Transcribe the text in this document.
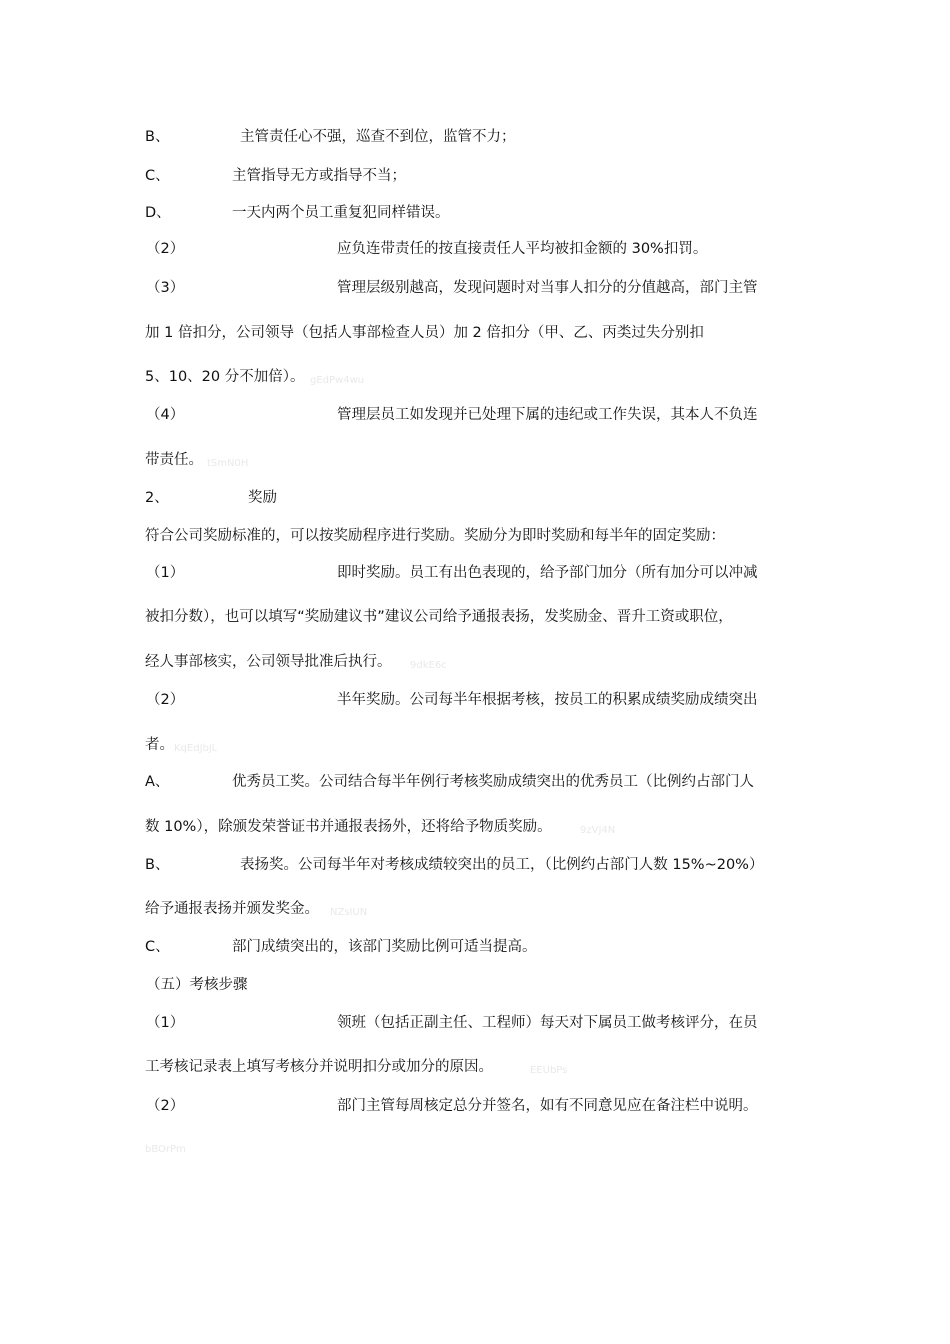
B、	主管责任心不强，巡查不到位，监管不力；
C、	主管指导无方或指导不当；
D、	一天内两个员工重复犯同样错误。
（2）	应负连带责任的按直接责任人平均被扣金额的 30%扣罚。
（3）	管理层级别越高，发现问题时对当事人扣分的分值越高，部门主管
加 1 倍扣分，公司领导（包括人事部检查人员）加 2 倍扣分（甲、乙、丙类过失分别扣
5、10、20 分不加倍）。 gEdPw4wu
（4）	管理层员工如发现并已处理下属的违纪或工作失误，其本人不负连
带责任。 tSmN0H
2、	奖励
符合公司奖励标准的，可以按奖励程序进行奖励。奖励分为即时奖励和每半年的固定奖励：
（1）	即时奖励。员工有出色表现的，给予部门加分（所有加分可以冲减
被扣分数），也可以填写“奖励建议书”建议公司给予通报表扬，发奖励金、晋升工资或职位，
经人事部核实，公司领导批准后执行。 9dkE6c
（2）	半年奖励。公司每半年根据考核，按员工的积累成绩奖励成绩突出
者。 KqEdJbjL
A、	优秀员工奖。公司结合每半年例行考核奖励成绩突出的优秀员工（比例约占部门人
数 10%），除颁发荣誉证书并通报表扬外，还将给予物质奖励。	9zVJ4N
B、	表扬奖。公司每半年对考核成绩较突出的员工，（比例约占部门人数 15%~20%）
给予通报表扬并颁发奖金。 NZsIUN
C、	部门成绩突出的，该部门奖励比例可适当提高。
（五）考核步骤
（1）	领班（包括正副主任、工程师）每天对下属员工做考核评分，在员
工考核记录表上填写考核分并说明扣分或加分的原因。	EEUbPs
（2）	部门主管每周核定总分并签名，如有不同意见应在备注栏中说明。
bBOrPm
